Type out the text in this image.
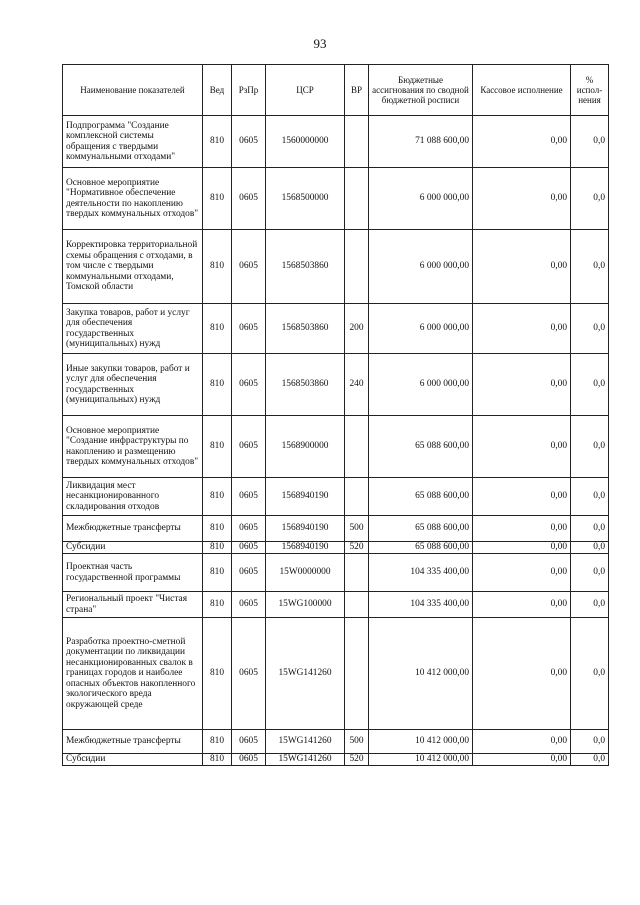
93
Наименование показателей	Вед	РзПр	ЦСР	ВР	Бюджетные ассигнования по сводной бюджетной росписи	Кассовое исполнение	% испол-нения
Подпрограмма "Создание комплексной системы обращения с твердыми коммунальными отходами"	810	0605	1560000000		71 088 600,00	0,00	0,0
Основное мероприятие "Нормативное обеспечение деятельности по накоплению твердых коммунальных отходов"	810	0605	1568500000		6 000 000,00	0,00	0,0
Корректировка территориальной схемы обращения с отходами, в том числе с твердыми коммунальными отходами, Томской области	810	0605	1568503860		6 000 000,00	0,00	0,0
Закупка товаров, работ и услуг для обеспечения государственных (муниципальных) нужд	810	0605	1568503860	200	6 000 000,00	0,00	0,0
Иные закупки товаров, работ и услуг для обеспечения государственных (муниципальных) нужд	810	0605	1568503860	240	6 000 000,00	0,00	0,0
Основное мероприятие "Создание инфраструктуры по накоплению и размещению твердых коммунальных отходов"	810	0605	1568900000		65 088 600,00	0,00	0,0
Ликвидация мест несанкционированного складирования отходов	810	0605	1568940190		65 088 600,00	0,00	0,0
Межбюджетные трансферты	810	0605	1568940190	500	65 088 600,00	0,00	0,0
Субсидии	810	0605	1568940190	520	65 088 600,00	0,00	0,0
Проектная часть государственной программы	810	0605	15W0000000		104 335 400,00	0,00	0,0
Региональный проект "Чистая страна"	810	0605	15WG100000		104 335 400,00	0,00	0,0
Разработка проектно-сметной документации по ликвидации несанкционированных свалок в границах городов и наиболее опасных объектов накопленного экологического вреда окружающей среде	810	0605	15WG141260		10 412 000,00	0,00	0,0
Межбюджетные трансферты	810	0605	15WG141260	500	10 412 000,00	0,00	0,0
Субсидии	810	0605	15WG141260	520	10 412 000,00	0,00	0,0
